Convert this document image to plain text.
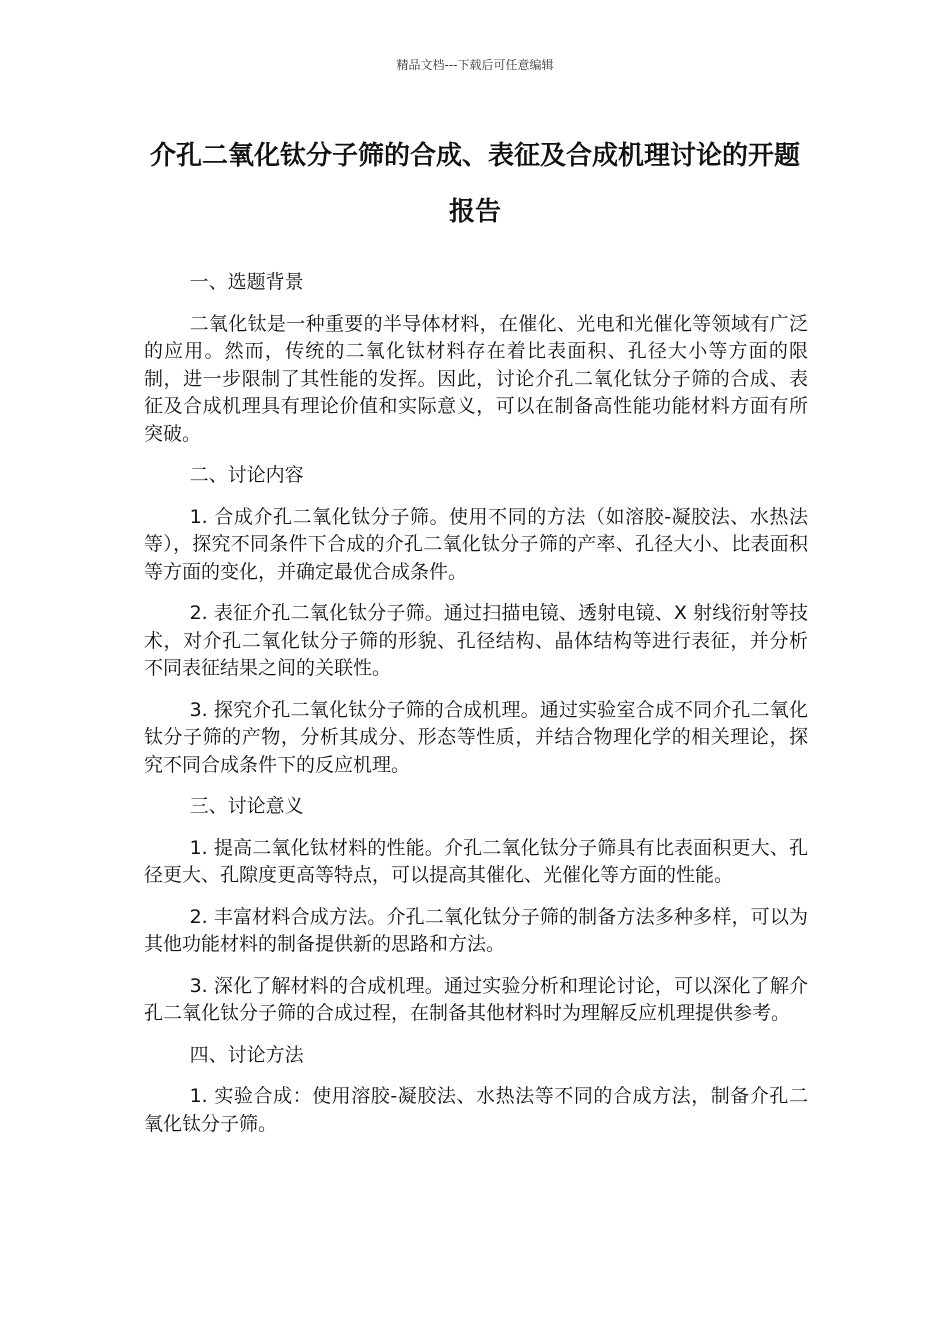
精品文档---下载后可任意编辑
介孔二氧化钛分子筛的合成、表征及合成机理讨论的开题报告

一、选题背景

二氧化钛是一种重要的半导体材料，在催化、光电和光催化等领域有广泛的应用。然而，传统的二氧化钛材料存在着比表面积、孔径大小等方面的限制，进一步限制了其性能的发挥。因此，讨论介孔二氧化钛分子筛的合成、表征及合成机理具有理论价值和实际意义，可以在制备高性能功能材料方面有所突破。

二、讨论内容

1. 合成介孔二氧化钛分子筛。使用不同的方法（如溶胶-凝胶法、水热法等），探究不同条件下合成的介孔二氧化钛分子筛的产率、孔径大小、比表面积等方面的变化，并确定最优合成条件。

2. 表征介孔二氧化钛分子筛。通过扫描电镜、透射电镜、X 射线衍射等技术，对介孔二氧化钛分子筛的形貌、孔径结构、晶体结构等进行表征，并分析不同表征结果之间的关联性。

3. 探究介孔二氧化钛分子筛的合成机理。通过实验室合成不同介孔二氧化钛分子筛的产物，分析其成分、形态等性质，并结合物理化学的相关理论，探究不同合成条件下的反应机理。

三、讨论意义

1. 提高二氧化钛材料的性能。介孔二氧化钛分子筛具有比表面积更大、孔径更大、孔隙度更高等特点，可以提高其催化、光催化等方面的性能。

2. 丰富材料合成方法。介孔二氧化钛分子筛的制备方法多种多样，可以为其他功能材料的制备提供新的思路和方法。

3. 深化了解材料的合成机理。通过实验分析和理论讨论，可以深化了解介孔二氧化钛分子筛的合成过程，在制备其他材料时为理解反应机理提供参考。

四、讨论方法

1. 实验合成：使用溶胶-凝胶法、水热法等不同的合成方法，制备介孔二氧化钛分子筛。
